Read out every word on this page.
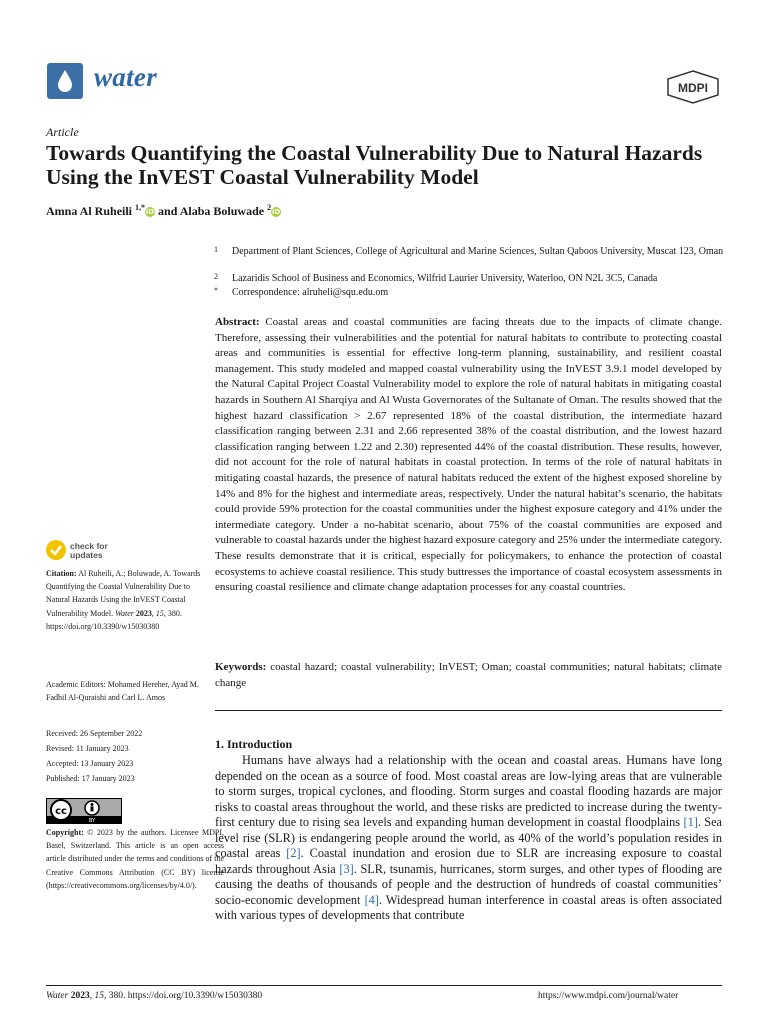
water	MDPI
Article
Towards Quantifying the Coastal Vulnerability Due to Natural Hazards Using the InVEST Coastal Vulnerability Model
Amna Al Ruheili $^{1,*}$iD and Alaba Boluwade $^2$iD
1 Department of Plant Sciences, College of Agricultural and Marine Sciences, Sultan Qaboos University, Muscat 123, Oman
2 Lazaridis School of Business and Economics, Wilfrid Laurier University, Waterloo, ON N2L 3C5, Canada
* Correspondence: alruheli@squ.edu.om
Abstract: Coastal areas and coastal communities are facing threats due to the impacts of climate change. Therefore, assessing their vulnerabilities and the potential for natural habitats to contribute to protecting coastal areas and communities is essential for effective long-term planning, sustainability, and resilient coastal management. This study modeled and mapped coastal vulnerability using the InVEST 3.9.1 model developed by the Natural Capital Project Coastal Vulnerability model to explore the role of natural habitats in mitigating coastal hazards in Southern Al Sharqiya and Al Wusta Governorates of the Sultanate of Oman. The results showed that the highest hazard classification > 2.67 represented 18% of the coastal distribution, the intermediate hazard classification ranging between 2.31 and 2.66 represented 38% of the coastal distribution, and the lowest hazard classification ranging between 1.22 and 2.30) represented 44% of the coastal distribution. These results, however, did not account for the role of natural habitats in coastal protection. In terms of the role of natural habitats in mitigating coastal hazards, the presence of natural habitats reduced the extent of the highest exposed shoreline by 14% and 8% for the highest and intermediate areas, respectively. Under the natural habitat’s scenario, the habitats could provide 59% protection for the coastal communities under the highest exposure category and 41% under the intermediate category. Under a no-habitat scenario, about 75% of the coastal communities are exposed and vulnerable to coastal hazards under the highest hazard exposure category and 25% under the intermediate category. These results demonstrate that it is critical, especially for policymakers, to enhance the protection of coastal ecosystems to achieve coastal resilience. This study buttresses the importance of coastal ecosystem assessments in ensuring coastal resilience and climate change adaptation processes for any coastal countries.
Keywords: coastal hazard; coastal vulnerability; InVEST; Oman; coastal communities; natural habitats; climate change
check for
updates
Citation: Al Ruheili, A.; Boluwade, A. Towards Quantifying the Coastal Vulnerability Due to Natural Hazards Using the InVEST Coastal Vulnerability Model. Water 2023, 15, 380. https://doi.org/10.3390/w15030380
Academic Editors: Mohamed Hereher, Ayad M. Fadhil Al-Quraishi and Carl L. Amos
Received: 26 September 2022
Revised: 11 January 2023
Accepted: 13 January 2023
Published: 17 January 2023
cc
BY
Copyright: © 2023 by the authors. Licensee MDPI, Basel, Switzerland. This article is an open access article distributed under the terms and conditions of the Creative Commons Attribution (CC BY) license (https://creativecommons.org/licenses/by/4.0/).
1. Introduction
Humans have always had a relationship with the ocean and coastal areas. Humans have long depended on the ocean as a source of food. Most coastal areas are low-lying areas that are vulnerable to storm surges, tropical cyclones, and flooding. Storm surges and coastal flooding hazards are major risks to coastal areas throughout the world, and these risks are predicted to increase during the twenty-first century due to rising sea levels and expanding human development in coastal floodplains [1]. Sea level rise (SLR) is endangering people around the world, as 40% of the world’s population resides in coastal areas [2]. Coastal inundation and erosion due to SLR are increasing exposure to coastal hazards throughout Asia [3]. SLR, tsunamis, hurricanes, storm surges, and other types of flooding are causing the deaths of thousands of people and the destruction of hundreds of coastal communities’ socio-economic development [4]. Widespread human interference in coastal areas is often associated with various types of developments that contribute
Water 2023, 15, 380. https://doi.org/10.3390/w15030380	https://www.mdpi.com/journal/water
